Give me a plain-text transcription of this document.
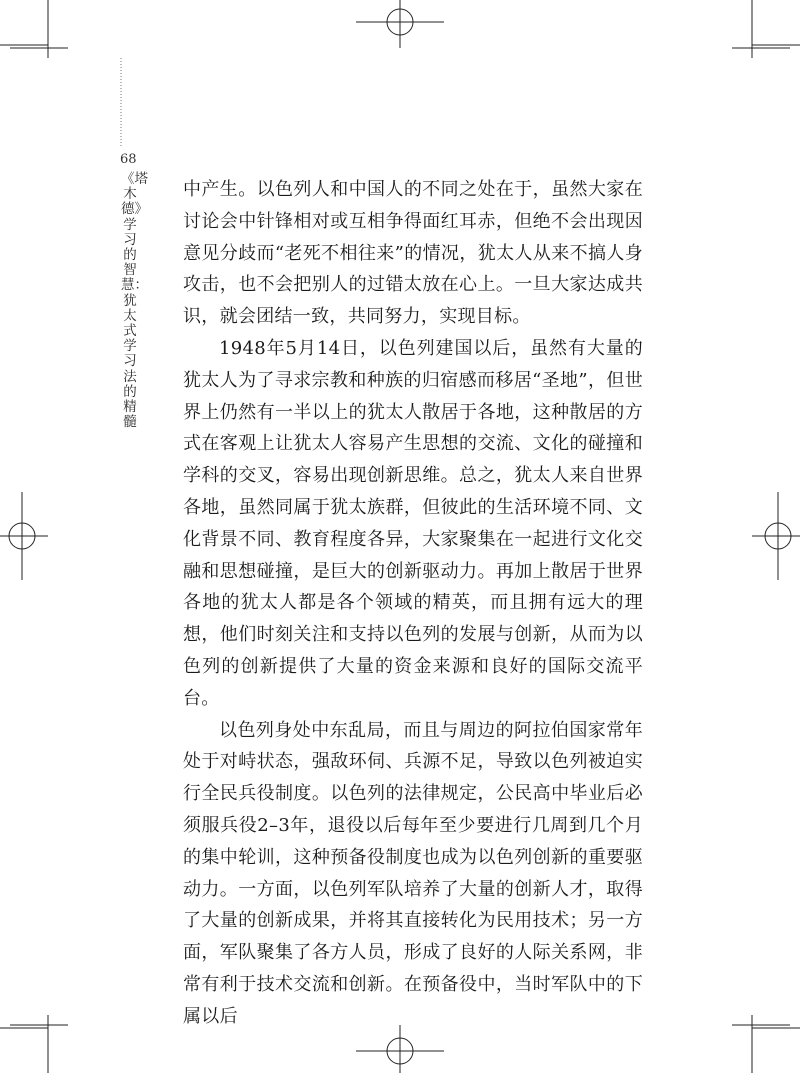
68
《塔木德》学习的智慧：犹太式学习法的精髓

中产生。以色列人和中国人的不同之处在于，虽然大家在讨论会中针锋相对或互相争得面红耳赤，但绝不会出现因意见分歧而“老死不相往来”的情况，犹太人从来不搞人身攻击，也不会把别人的过错太放在心上。一旦大家达成共识，就会团结一致，共同努力，实现目标。

1948年5月14日，以色列建国以后，虽然有大量的犹太人为了寻求宗教和种族的归宿感而移居“圣地”，但世界上仍然有一半以上的犹太人散居于各地，这种散居的方式在客观上让犹太人容易产生思想的交流、文化的碰撞和学科的交叉，容易出现创新思维。总之，犹太人来自世界各地，虽然同属于犹太族群，但彼此的生活环境不同、文化背景不同、教育程度各异，大家聚集在一起进行文化交融和思想碰撞，是巨大的创新驱动力。再加上散居于世界各地的犹太人都是各个领域的精英，而且拥有远大的理想，他们时刻关注和支持以色列的发展与创新，从而为以色列的创新提供了大量的资金来源和良好的国际交流平台。

以色列身处中东乱局，而且与周边的阿拉伯国家常年处于对峙状态，强敌环伺、兵源不足，导致以色列被迫实行全民兵役制度。以色列的法律规定，公民高中毕业后必须服兵役2–3年，退役以后每年至少要进行几周到几个月的集中轮训，这种预备役制度也成为以色列创新的重要驱动力。一方面，以色列军队培养了大量的创新人才，取得了大量的创新成果，并将其直接转化为民用技术；另一方面，军队聚集了各方人员，形成了良好的人际关系网，非常有利于技术交流和创新。在预备役中，当时军队中的下属以后
